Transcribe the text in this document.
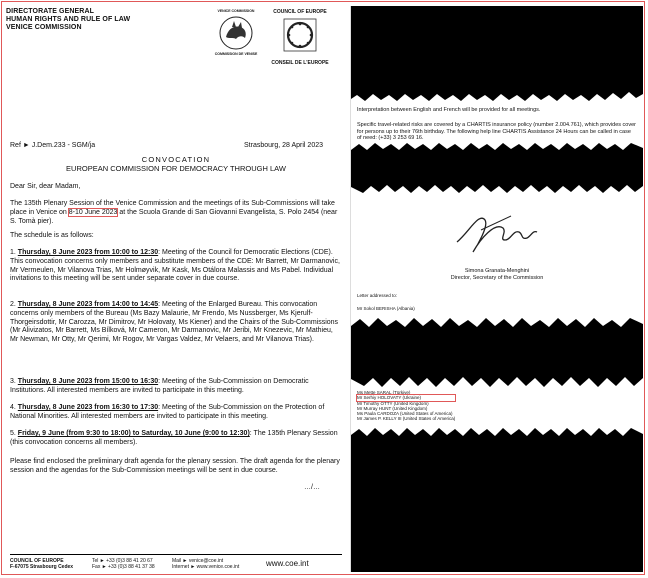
DIRECTORATE GENERAL
HUMAN RIGHTS AND RULE OF LAW
VENICE COMMISSION
VENICE COMMISSION
COMMISSION DE VENISE
COUNCIL OF EUROPE
CONSEIL DE L'EUROPE
Ref ► J.Dem.233 - SGM/ja	Strasbourg, 28 April 2023
CONVOCATION
EUROPEAN COMMISSION FOR DEMOCRACY THROUGH LAW
Dear Sir, dear Madam,
The 135th Plenary Session of the Venice Commission and the meetings of its Sub-Commissions will take place in Venice on 8-10 June 2023 at the Scuola Grande di San Giovanni Evangelista, S. Polo 2454 (near S. Tomà pier).
The schedule is as follows:
1. Thursday, 8 June 2023 from 10:00 to 12:30: Meeting of the Council for Democratic Elections (CDE). This convocation concerns only members and substitute members of the CDE: Mr Barrett, Mr Darmanovic, Mr Vermeulen, Mr Vilanova Trias, Mr Holmøyvik, Mr Kask, Ms Otálora Malassis and Ms Pabel. Individual invitations to this meeting will be sent under separate cover in due course.
2. Thursday, 8 June 2023 from 14:00 to 14:45: Meeting of the Enlarged Bureau. This convocation concerns only members of the Bureau (Ms Bazy Malaurie, Mr Frendo, Ms Nussberger, Ms Kjerulf-Thorgeirsdottir, Mr Carozza, Mr Dimitrov, Mr Holovaty, Ms Kiener) and the Chairs of the Sub-Commissions (Mr Alivizatos, Mr Barrett, Ms Bílková, Mr Cameron, Mr Darmanovic, Mr Jeribi, Mr Knezevic, Mr Mathieu, Mr Newman, Mr Otty, Mr Qerimi, Mr Rogov, Mr Vargas Valdez, Mr Velaers, and Mr Vilanova Trias).
3. Thursday, 8 June 2023 from 15:00 to 16:30: Meeting of the Sub-Commission on Democratic Institutions. All interested members are invited to participate in this meeting.
4. Thursday, 8 June 2023 from 16:30 to 17:30: Meeting of the Sub-Commission on the Protection of National Minorities. All interested members are invited to participate in this meeting.
5. Friday, 9 June (from 9:30 to 18:00) to Saturday, 10 June (9:00 to 12:30): The 135th Plenary Session (this convocation concerns all members).
Please find enclosed the preliminary draft agenda for the plenary session. The draft agenda for the plenary session and the agendas for the Sub-Commission meetings will be sent in due course.
…/…
COUNCIL OF EUROPE
F-67075 Strasbourg Cedex
Tel ► +33 (0)3 88 41 20 67
Fax ► +33 (0)3 88 41 37 38
Mail ► venice@coe.int
Internet ► www.venice.coe.int	www.coe.int
Interpretation between English and French will be provided for all meetings.
Specific travel-related risks are covered by a CHARTIS insurance policy (number 2.004.761), which provides cover for persons up to their 76th birthday. The following help line CHARTIS Assistance 24 Hours can be called in case of need: (+33) 3 253 69 16.
Simona Granata-Menghini
Director, Secretary of the Commission
Letter addressed to:
Mr Sokol BERISHA (Albania)
Ms Mette SARAL (Türkiye)
Mr Serhiy HOLOVATY (Ukraine)
Mr Timothy OTTY (United Kingdom)
Mr Murray HUNT (United Kingdom)
Ms Paula CARDOZA (United States of America)
Mr James P. KELLY III (United States of America)
